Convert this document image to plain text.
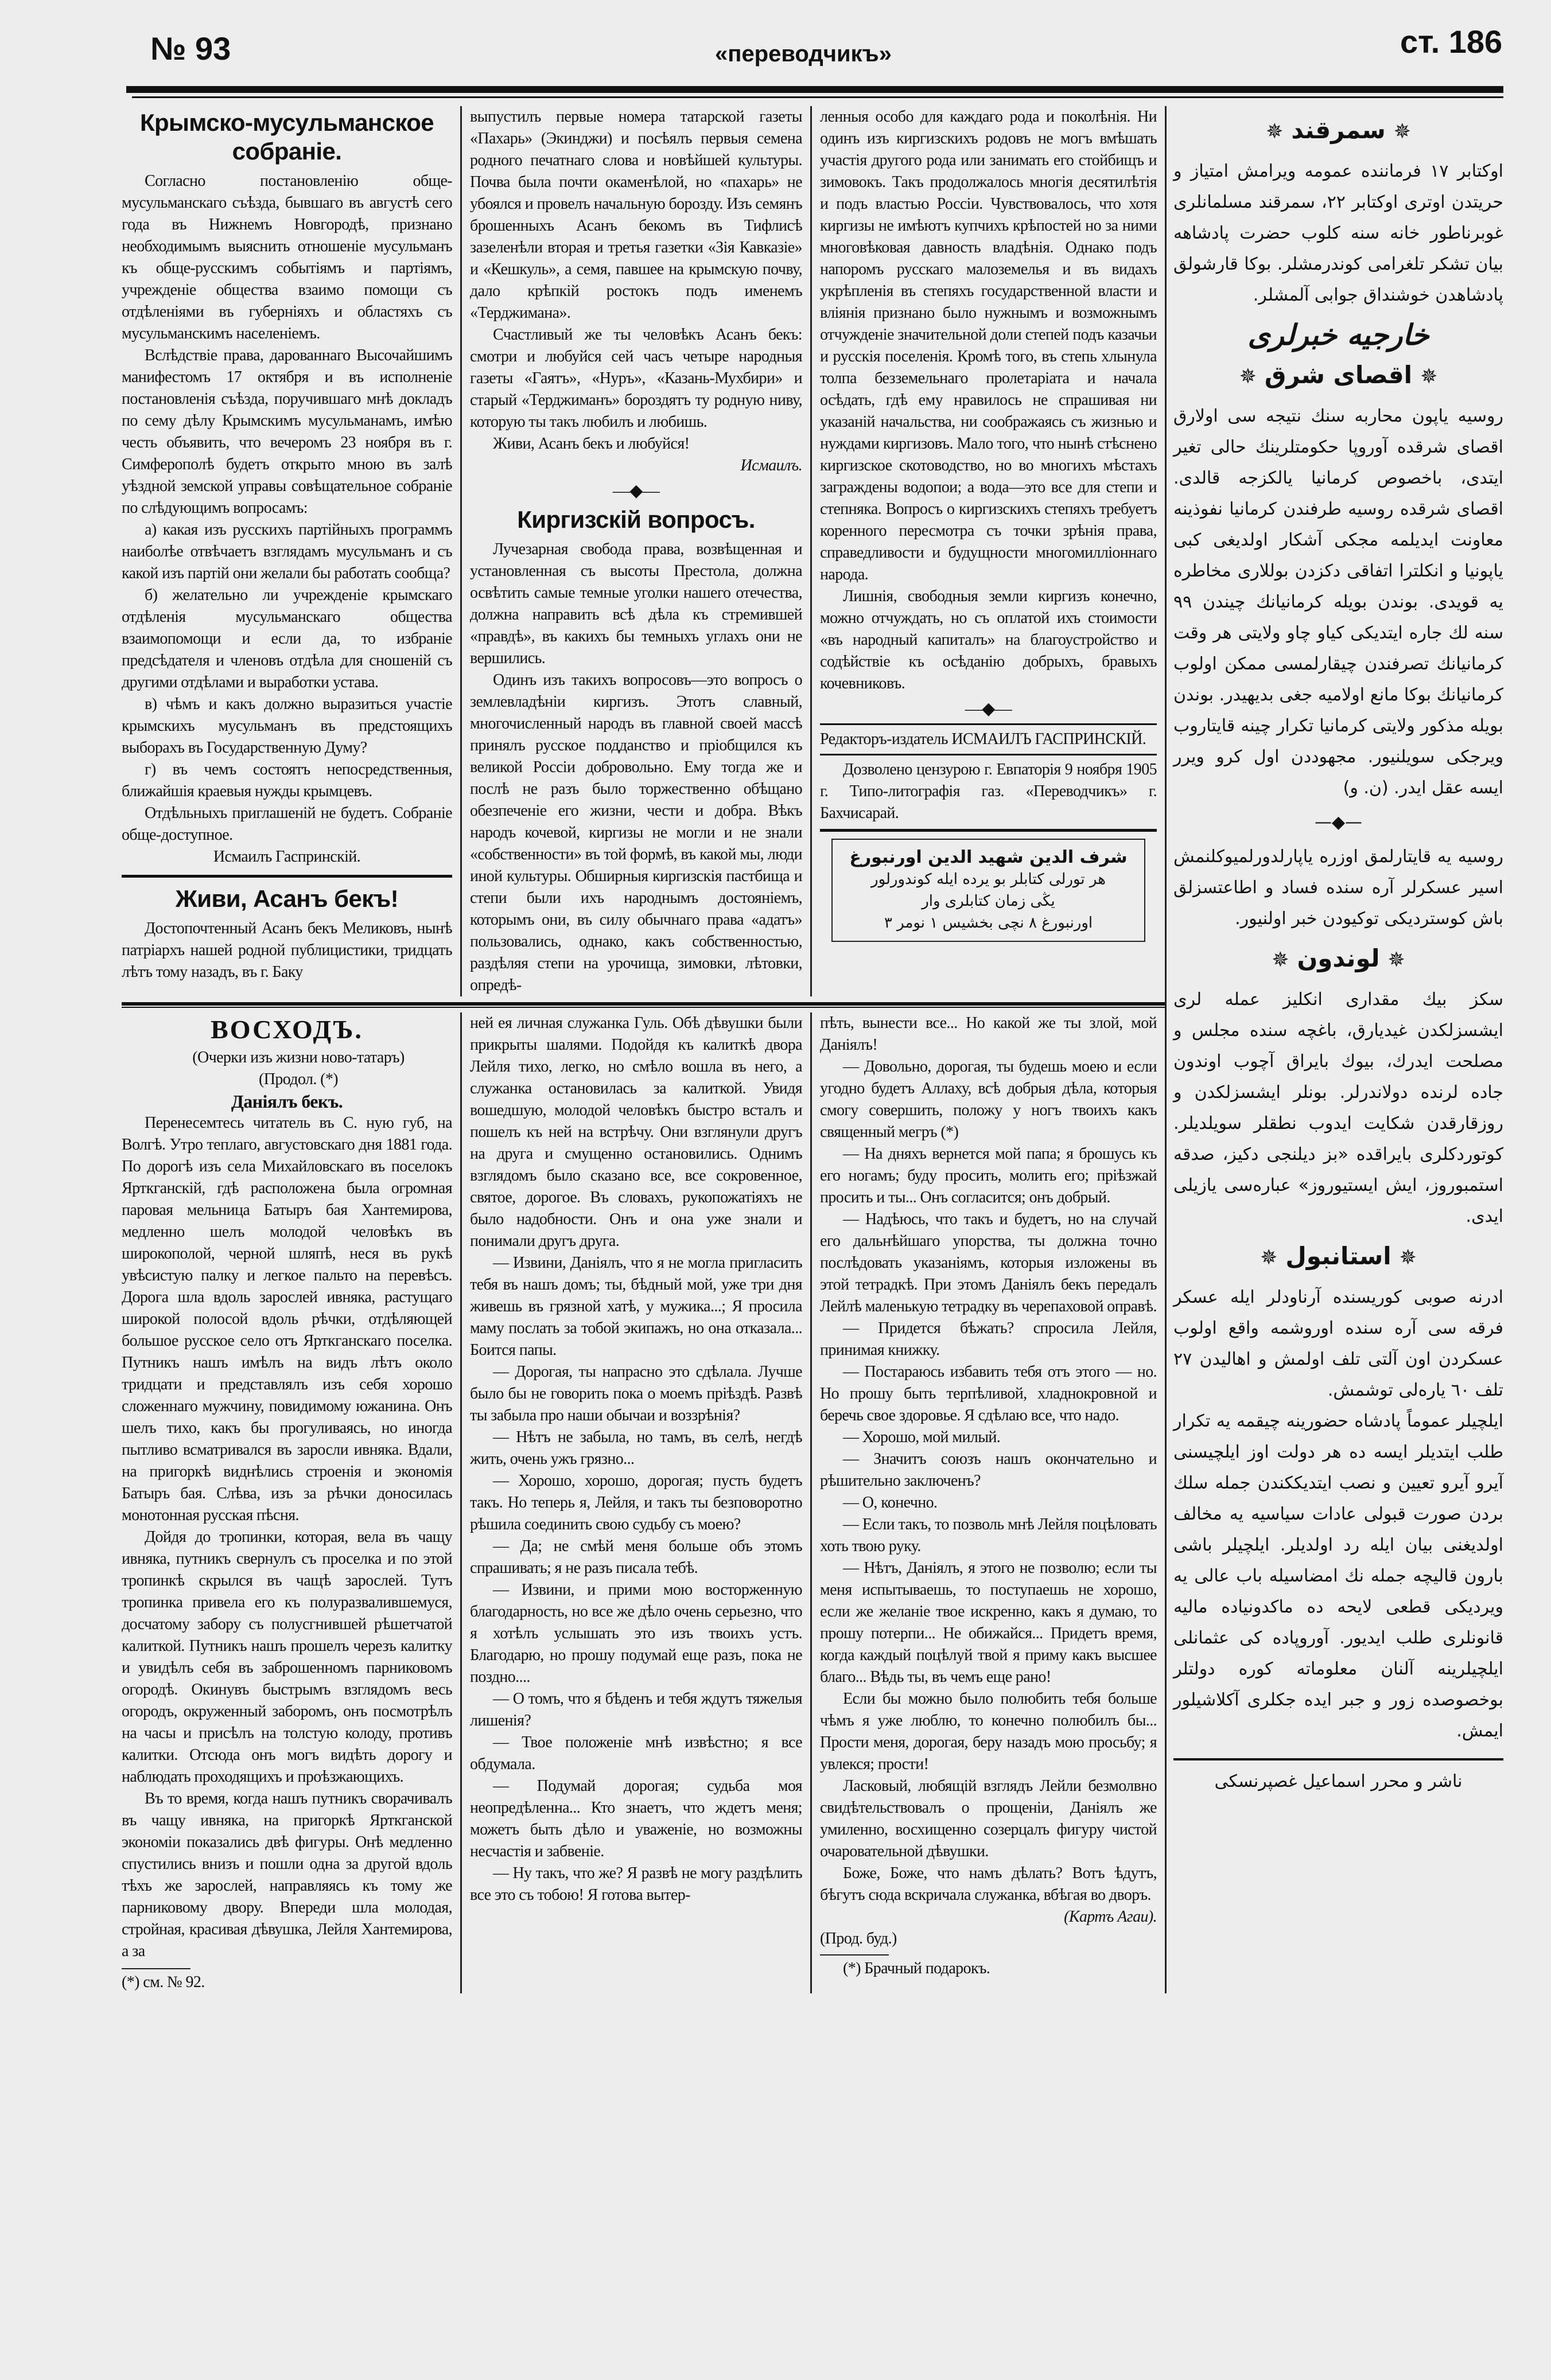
№ 93	«переводчикъ»	ст. 186
Крымско-мусульманское собраніе.

Согласно постановленію обще-мусульманскаго съѣзда, бывшаго въ августѣ сего года въ Нижнемъ Новгородѣ, признано необходимымъ выяснить отношеніе мусульманъ къ обще-русскимъ событіямъ и партіямъ, учрежденіе общества взаимо помощи съ отдѣленіями въ губерніяхъ и областяхъ съ мусульманскимъ населеніемъ.

Вслѣдствіе права, дарованнаго Высочайшимъ манифестомъ 17 октября и въ исполненіе постановленія съѣзда, поручившаго мнѣ докладъ по сему дѣлу Крымскимъ мусульманамъ, имѣю честь объявить, что вечеромъ 23 ноября въ г. Симферополѣ будетъ открыто мною въ залѣ уѣздной земской управы совѣщательное собраніе по слѣдующимъ вопросамъ:

а) какая изъ русскихъ партійныхъ программъ наиболѣе отвѣчаетъ взглядамъ мусульманъ и съ какой изъ партій они желали бы работать сообща?

б) желательно ли учрежденіе крымскаго отдѣленія мусульманскаго общества взаимопомощи и если да, то избраніе предсѣдателя и членовъ отдѣла для сношеній съ другими отдѣлами и выработки устава.

в) чѣмъ и какъ должно выразиться участіе крымскихъ мусульманъ въ предстоящихъ выборахъ въ Государственную Думу?

г) въ чемъ состоятъ непосредственныя, ближайшія краевыя нужды крымцевъ.

Отдѣльныхъ приглашеній не будетъ. Собраніе обще-доступное.

Исмаилъ Гаспринскій.

Живи, Асанъ бекъ!

Достопочтенный Асанъ бекъ Меликовъ, нынѣ патріархъ нашей родной публицистики, тридцать лѣтъ тому назадъ, въ г. Баку

выпустилъ первые номера татарской газеты «Пахарь» (Экинджи) и посѣялъ первыя семена родного печатнаго слова и новѣйшей культуры. Почва была почти окаменѣлой, но «пахарь» не убоялся и провелъ начальную борозду. Изъ семянъ брошенныхъ Асанъ бекомъ въ Тифлисѣ зазеленѣли вторая и третья газетки «Зія Кавказіе» и «Кешкуль», а семя, павшее на крымскую почву, дало крѣпкій ростокъ подъ именемъ «Терджимана».

Счастливый же ты человѣкъ Асанъ бекъ: смотри и любуйся сей часъ четыре народныя газеты «Гаятъ», «Нуръ», «Казань-Мухбири» и старый «Терджиманъ» бороздятъ ту родную ниву, которую ты такъ любилъ и любишь.

Живи, Асанъ бекъ и любуйся!

Исмаилъ.

—◆—
Киргизскій вопросъ.

Лучезарная свобода права, возвѣщенная и установленная съ высоты Престола, должна освѣтить самые темные уголки нашего отечества, должна направить всѣ дѣла къ стремившей «правдѣ», въ какихъ бы темныхъ углахъ они не вершились.

Одинъ изъ такихъ вопросовъ—это вопросъ о землевладѣніи киргизъ. Этотъ славный, многочисленный народъ въ главной своей массѣ принялъ русское подданство и пріобщился къ великой Россіи добровольно. Ему тогда же и послѣ не разъ было торжественно обѣщано обезпеченіе его жизни, чести и добра. Вѣкъ народъ кочевой, киргизы не могли и не знали «собственности» въ той формѣ, въ какой мы, люди иной культуры. Обширныя киргизскія пастбища и степи были ихъ народнымъ достояніемъ, которымъ они, въ силу обычнаго права «адатъ» пользовались, однако, какъ собственностью, раздѣляя степи на урочища, зимовки, лѣтовки, опредѣ-

ленныя особо для каждаго рода и поколѣнія. Ни одинъ изъ киргизскихъ родовъ не могъ вмѣшать участія другого рода или занимать его стойбищъ и зимовокъ. Такъ продолжалось многія десятилѣтія и подъ властью Россіи. Чувствовалось, что хотя киргизы не имѣютъ купчихъ крѣпостей но за ними многовѣковая давность владѣнія. Однако подъ напоромъ русскаго малоземелья и въ видахъ укрѣпленія въ степяхъ государственной власти и вліянія признано было нужнымъ и возможнымъ отчужденіе значительной доли степей подъ казачьи и русскія поселенія. Кромѣ того, въ степь хлынула толпа безземельнаго пролетаріата и начала осѣдать, гдѣ ему нравилось не спрашивая ни указаній начальства, ни соображаясь съ жизнью и нуждами киргизовъ. Мало того, что нынѣ стѣснено киргизское скотоводство, но во многихъ мѣстахъ заграждены водопои; а вода—это все для степи и степняка. Вопросъ о киргизскихъ степяхъ требуетъ коренного пересмотра съ точки зрѣнія права, справедливости и будущности многомилліоннаго народа.

Лишнія, свободныя земли киргизъ конечно, можно отчуждать, но съ оплатой ихъ стоимости «въ народный капиталъ» на благоустройство и содѣйствіе къ осѣданію добрыхъ, бравыхъ кочевниковъ.

—◆—

Редакторъ-издатель ИСМАИЛЪ ГАСПРИНСКІЙ.

Дозволено цензурою г. Евпаторія 9 ноября 1905 г. Типо-литографія газ. «Переводчикъ» г. Бахчисарай.

شرف الدين شهيد الدين اورنبورغ
هر تورلى كتابلر بو يرده ايله كوندورلور
يڭى زمان كتابلرى وار
اورنبورغ ٨ نچى بخشيس ١ نومر ٣
ВОСХОДЪ.

(Очерки изъ жизни ново-татаръ)

(Продол. (*)

Даніялъ бекъ.

Перенесемтесь читатель въ С. ную губ, на Волгѣ. Утро теплаго, августовскаго дня 1881 года. По дорогѣ изъ села Михайловскаго въ поселокъ Ярткганскій, гдѣ расположена была огромная паровая мельница Батыръ бая Хантемирова, медленно шелъ молодой человѣкъ въ широкополой, черной шляпѣ, неся въ рукѣ увѣсистую палку и легкое пальто на перевѣсъ. Дорога шла вдоль зарослей ивняка, растущаго широкой полосой вдоль рѣчки, отдѣляющей большое русское село отъ Ярткганскаго поселка. Путникъ нашъ имѣлъ на видъ лѣтъ около тридцати и представлялъ изъ себя хорошо сложеннаго мужчину, повидимому южанина. Онъ шелъ тихо, какъ бы прогуливаясь, но иногда пытливо всматривался въ заросли ивняка. Вдали, на пригоркѣ виднѣлись строенія и экономія Батыръ бая. Слѣва, изъ за рѣчки доносилась монотонная русская пѣсня.

Дойдя до тропинки, которая, вела въ чащу ивняка, путникъ свернулъ съ проселка и по этой тропинкѣ скрылся въ чащѣ зарослей. Тутъ тропинка привела его къ полуразвалившемуся, досчатому забору съ полусгнившей рѣшетчатой калиткой. Путникъ нашъ прошелъ черезъ калитку и увидѣлъ себя въ заброшенномъ парниковомъ огородѣ. Окинувъ быстрымъ взглядомъ весь огородъ, окруженный заборомъ, онъ посмотрѣлъ на часы и присѣлъ на толстую колоду, противъ калитки. Отсюда онъ могъ видѣть дорогу и наблюдать проходящихъ и проѣзжающихъ.

Въ то время, когда нашъ путникъ сворачивалъ въ чащу ивняка, на пригоркѣ Ярткганской экономіи показались двѣ фигуры. Онѣ медленно спустились внизъ и пошли одна за другой вдоль тѣхъ же зарослей, направляясь къ тому же парниковому двору. Впереди шла молодая, стройная, красивая дѣвушка, Лейля Хантемирова, а за

(*) см. № 92.

ней ея личная служанка Гуль. Обѣ дѣвушки были прикрыты шалями. Подойдя къ калиткѣ двора Лейля тихо, легко, но смѣло вошла въ него, а служанка остановилась за калиткой. Увидя вошедшую, молодой человѣкъ быстро всталъ и пошелъ къ ней на встрѣчу. Они взглянули другъ на друга и смущенно остановились. Однимъ взглядомъ было сказано все, все сокровенное, святое, дорогое. Въ словахъ, рукопожатіяхъ не было надобности. Онъ и она уже знали и понимали другъ друга.

— Извини, Даніялъ, что я не могла пригласить тебя въ нашъ домъ; ты, бѣдный мой, уже три дня живешь въ грязной хатѣ, у мужика...; Я просила маму послать за тобой экипажъ, но она отказала... Боится папы.

— Дорогая, ты напрасно это сдѣлала. Лучше было бы не говорить пока о моемъ пріѣздѣ. Развѣ ты забыла про наши обычаи и воззрѣнія?

— Нѣтъ не забыла, но тамъ, въ селѣ, негдѣ жить, очень ужъ грязно...

— Хорошо, хорошо, дорогая; пусть будетъ такъ. Но теперь я, Лейля, и такъ ты безповоротно рѣшила соединить свою судьбу съ моею?

— Да; не смѣй меня больше объ этомъ спрашивать; я не разъ писала тебѣ.

— Извини, и прими мою восторженную благодарность, но все же дѣло очень серьезно, что я хотѣлъ услышать это изъ твоихъ устъ. Благодарю, но прошу подумай еще разъ, пока не поздно....

— О томъ, что я бѣденъ и тебя ждутъ тяжелыя лишенія?

— Твое положеніе мнѣ извѣстно; я все обдумала.

— Подумай дорогая; судьба моя неопредѣленна... Кто знаетъ, что ждетъ меня; можетъ быть дѣло и уваженіе, но возможны несчастія и забвеніе.

— Ну такъ, что же? Я развѣ не могу раздѣлить все это съ тобою! Я готова вытер-

пѣть, вынести все... Но какой же ты злой, мой Даніялъ!

— Довольно, дорогая, ты будешь моею и если угодно будетъ Аллаху, всѣ добрыя дѣла, которыя смогу совершить, положу у ногъ твоихъ какъ священный мегръ (*)

— На дняхъ вернется мой папа; я брошусь къ его ногамъ; буду просить, молить его; пріѣзжай просить и ты... Онъ согласится; онъ добрый.

— Надѣюсь, что такъ и будетъ, но на случай его дальнѣйшаго упорства, ты должна точно послѣдовать указаніямъ, которыя изложены въ этой тетрадкѣ. При этомъ Даніялъ бекъ передалъ Лейлѣ маленькую тетрадку въ черепаховой оправѣ.

— Придется бѣжать? спросила Лейля, принимая книжку.

— Постараюсь избавить тебя отъ этого — но. Но прошу быть терпѣливой, хладнокровной и беречь свое здоровье. Я сдѣлаю все, что надо.

— Хорошо, мой милый.

— Значитъ союзъ нашъ окончательно и рѣшительно заключенъ?

— О, конечно.

— Если такъ, то позволь мнѣ Лейля поцѣловать хоть твою руку.

— Нѣтъ, Даніялъ, я этого не позволю; если ты меня испытываешь, то поступаешь не хорошо, если же желаніе твое искренно, какъ я думаю, то прошу потерпи... Не обижайся... Придетъ время, когда каждый поцѣлуй твой я приму какъ высшее благо... Вѣдь ты, въ чемъ еще рано!

Если бы можно было полюбить тебя больше чѣмъ я уже люблю, то конечно полюбилъ бы... Прости меня, дорогая, беру назадъ мою просьбу; я увлекся; прости!

Ласковый, любящій взглядъ Лейли безмолвно свидѣтельствовалъ о прощеніи, Даніялъ же умиленно, восхищенно созерцалъ фигуру чистой очаровательной дѣвушки.

Боже, Боже, что намъ дѣлать? Вотъ ѣдутъ, бѣгутъ сюда вскричала служанка, вбѣгая во дворъ.

(Картъ Агаи).

(Прод. буд.)

(*) Брачный подарокъ.

✵سمرقند✵

اوكتابر ١٧ فرماننده عمومه ويرامش امتياز و حريتدن اوترى اوكتابر ٢٢، سمرقند مسلمانلرى غوبرناطور خانه سنه كلوب حضرت پادشاهه بيان تشكر تلغرامى كوندرمشلر. بوكا قارشولق پادشاهدن خوشنداق جوابى آلمشلر.

خارجيه خبرلرى
✵اقصاى شرق✵

روسيه ياپون محاربه سنك نتيجه سى اولارق اقصاى شرقده آوروپا حكومتلرينك حالى تغير ايتدى، باخصوص كرمانيا يالكزجه قالدى. اقصاى شرقده روسيه طرفندن كرمانيا نفوذينه معاونت ايديلمه مجكى آشكار اولديغى كبى ياپونيا و انكلترا اتفاقى دكزدن بوللارى مخاطره يه قويدى. بوندن بويله كرمانيانك چيندن ٩٩ سنه لك جاره ايتديكى كياو چاو ولايتى هر وقت كرمانيانك تصرفندن چيقارلمسى ممكن اولوب كرمانيانك بوكا مانع اولاميه جغى بديهيدر. بوندن بويله مذكور ولايتى كرمانيا تكرار چينه قايتاروب ويرجكى سويلنيور. مجهوددن اول كرو ويرر ايسه عقل ايدر. (ن. و)

—◆—

روسيه يه قايتارلمق اوزره ياپارلدورلميوكلنمش اسير عسكرلر آره سنده فساد و اطاعتسزلق باش كوسترديكى توكيودن خبر اولنيور.

✵لوندون✵

سكز بيك مقدارى انكليز عمله لرى ايشسزلكدن غيديارق، باغچه سنده مجلس و مصلحت ايدرك، بيوك بايراق آچوب اوندون جاده لرنده دولاندرلر. بونلر ايشسزلكدن و روزقارقدن شكايت ايدوب نطقلر سويلديلر. كوتوردكلرى بايراقده «بز ديلنجى دكيز، صدقه استمبوروز، ايش ايستيوروز» عبارەسى يازيلى ايدى.

✵استانبول✵

ادرنه صوبى كوريسنده آرناودلر ايله عسكر فرقه سى آره سنده اوروشمه واقع اولوب عسكردن اون آلتى تلف اولمش و اهاليدن ٢٧ تلف ٦٠ يارەلى توشمش.

ايلچيلر عموماً پادشاه حضورينه چيقمه يه تكرار طلب ايتديلر ايسه ده هر دولت اوز ايلچيسنى آيرو آيرو تعيين و نصب ايتديككندن جمله سلك بردن صورت قبولى عادات سياسيه يه مخالف اولديغنى بيان ايله رد اولديلر. ايلچيلر باشى بارون قاليچه جمله نك امضاسيله باب عالى يه ويرديكى قطعى لايحه ده ماكدونياده ماليه قانونلرى طلب ايديور. آوروپاده كى عثمانلى ايلچيلرينه آلنان معلوماته كوره دولتلر بوخصوصده زور و جبر ايده جكلرى آكلاشيلور ايمش.

ناشر و محرر اسماعيل غصپرنسكى
